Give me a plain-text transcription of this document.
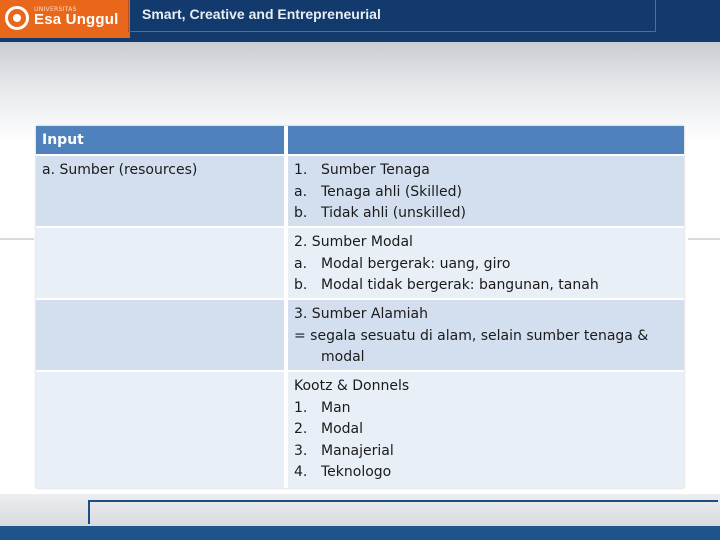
UNIVERSITAS
Esa Unggul Smart, Creative and Entrepreneurial
Input
a. Sumber (resources)	1. Sumber Tenaga
a. Tenaga ahli (Skilled)
b. Tidak ahli (unskilled)
2. Sumber Modal
a. Modal bergerak: uang, giro
b. Modal tidak bergerak: bangunan, tanah
3. Sumber Alamiah
= segala sesuatu di alam, selain sumber tenaga &
modal
Kootz & Donnels
1. Man
2. Modal
3. Manajerial
4. Teknologo
